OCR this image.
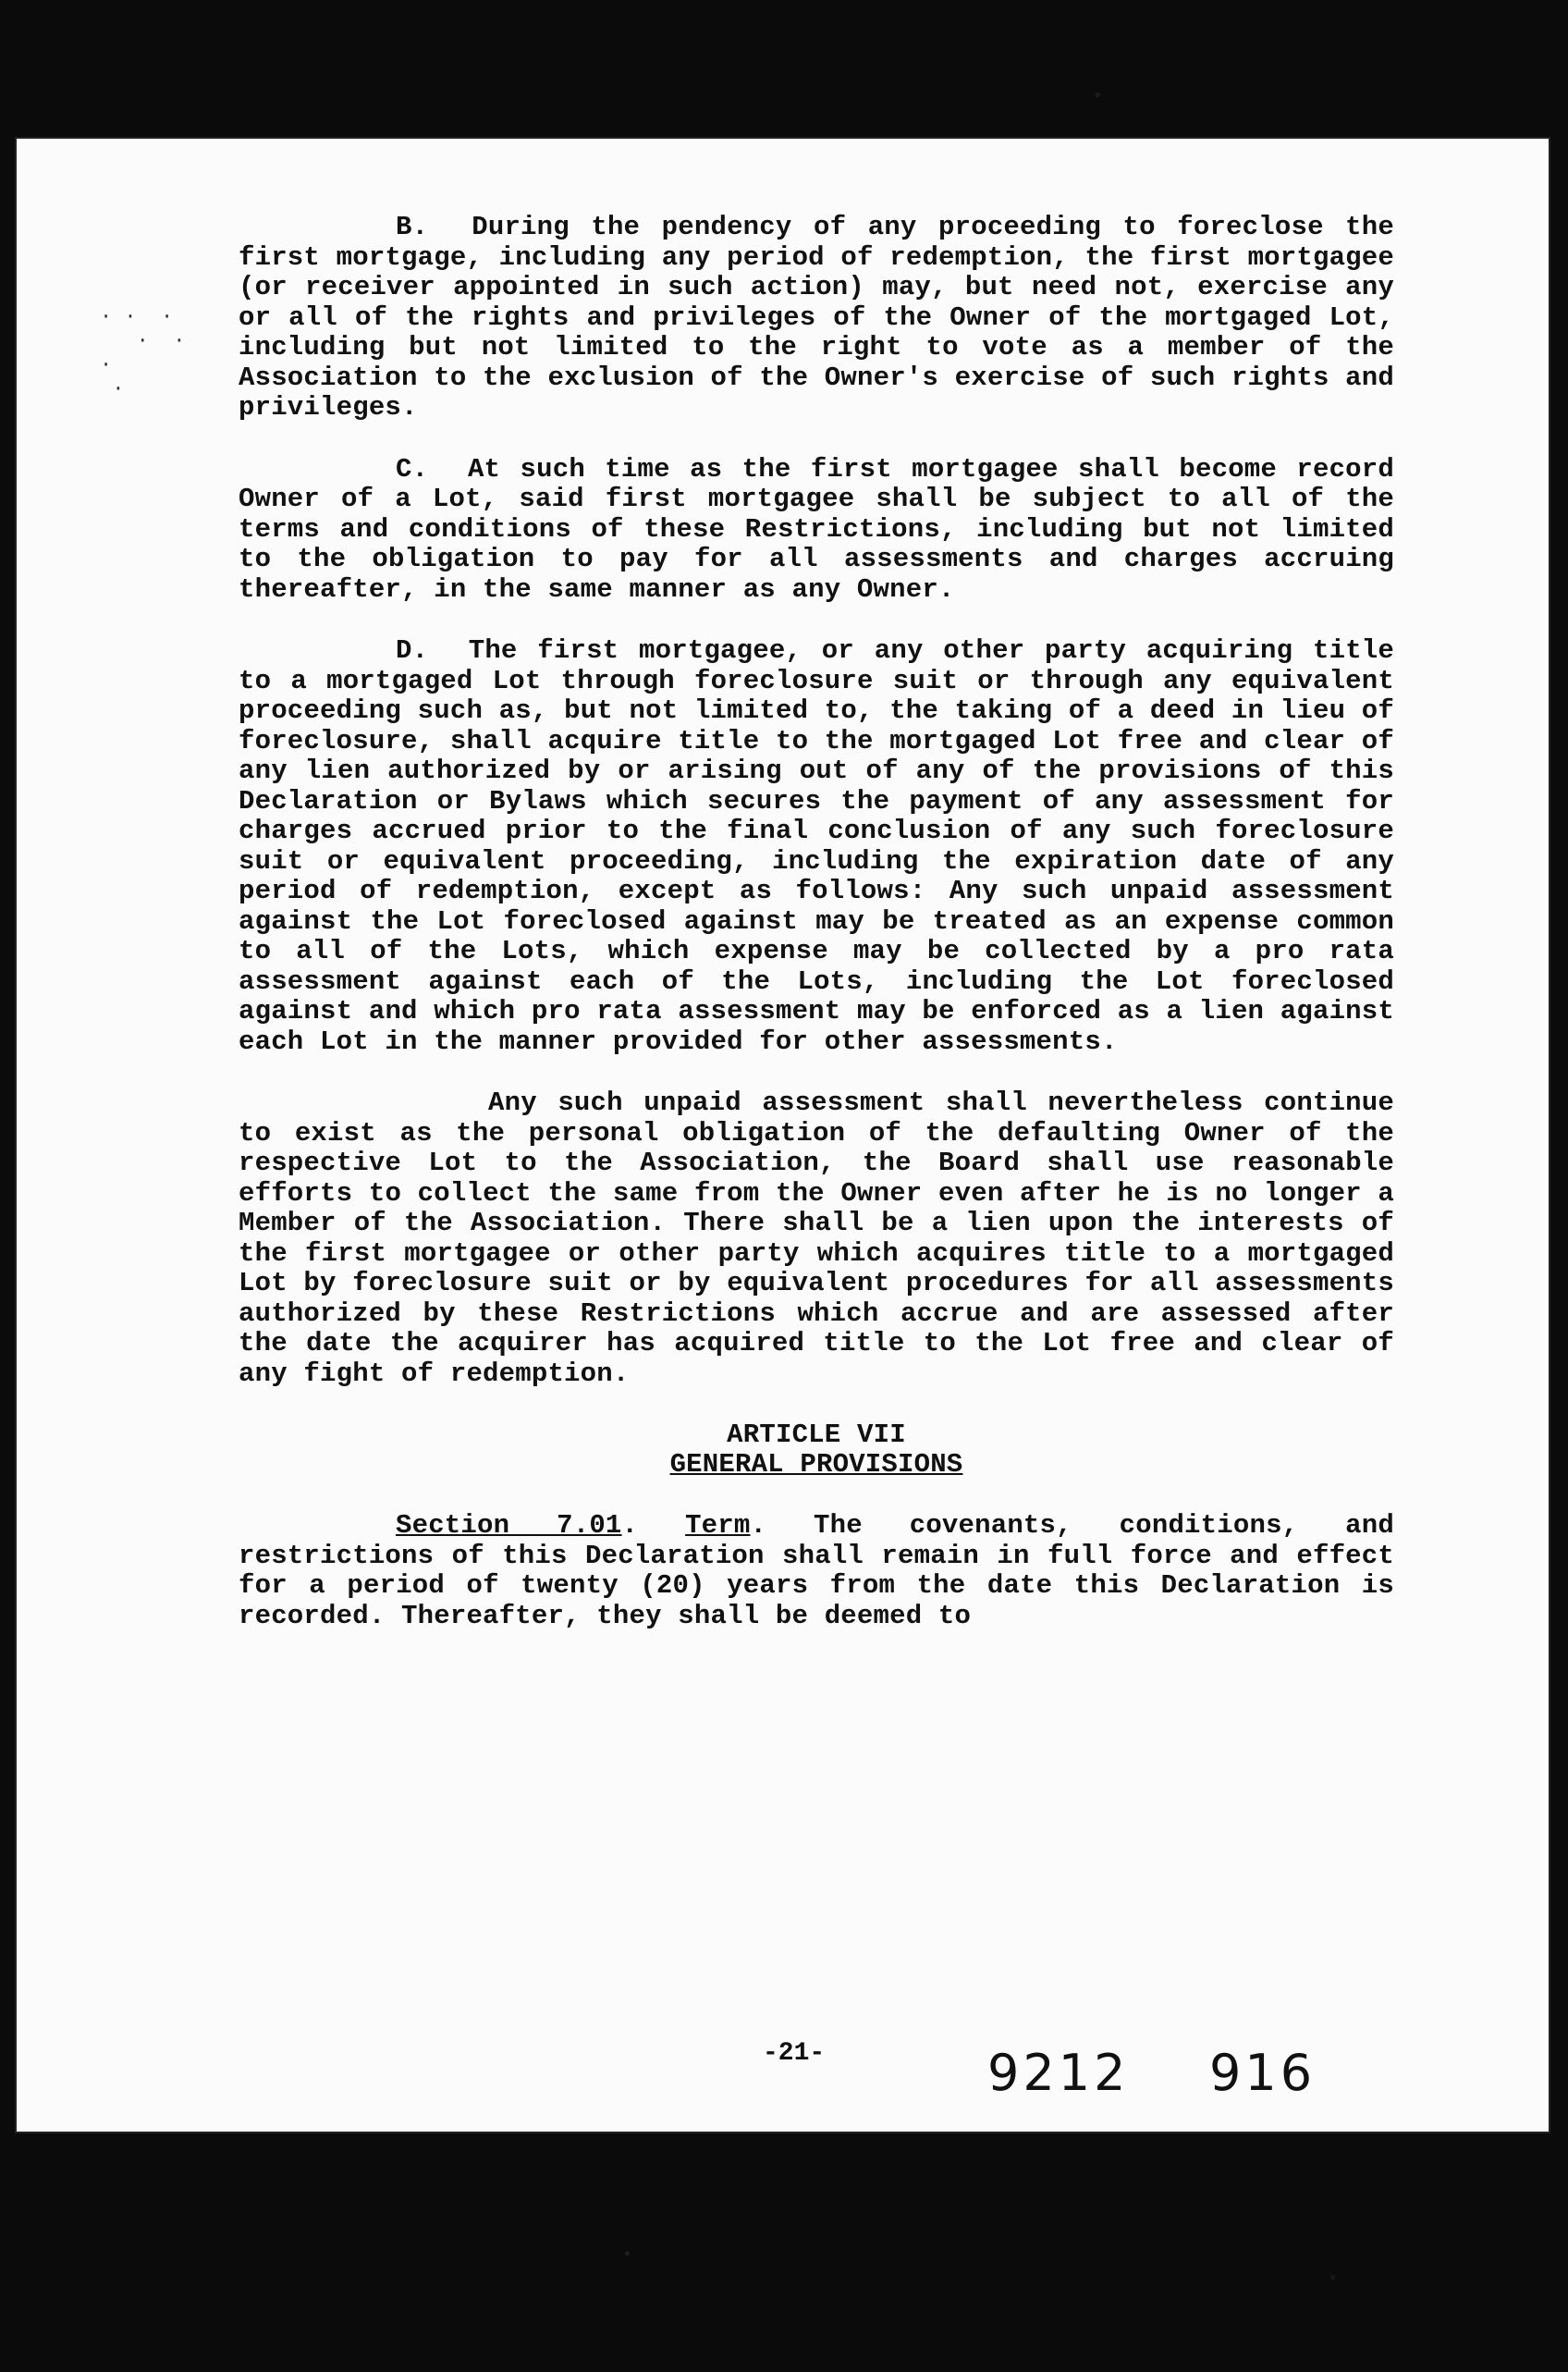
· ·  ·
·  ·
·
·

B. During the pendency of any proceeding to foreclose the first mortgage, including any period of redemption, the first mortgagee (or receiver appointed in such action) may, but need not, exercise any or all of the rights and privileges of the Owner of the mortgaged Lot, including but not limited to the right to vote as a member of the Association to the exclusion of the Owner's exercise of such rights and privileges.

C. At such time as the first mortgagee shall become record Owner of a Lot, said first mortgagee shall be subject to all of the terms and conditions of these Restrictions, including but not limited to the obligation to pay for all assessments and charges accruing thereafter, in the same manner as any Owner.

D. The first mortgagee, or any other party acquiring title to a mortgaged Lot through foreclosure suit or through any equivalent proceeding such as, but not limited to, the taking of a deed in lieu of foreclosure, shall acquire title to the mortgaged Lot free and clear of any lien authorized by or arising out of any of the provisions of this Declaration or Bylaws which secures the payment of any assessment for charges accrued prior to the final conclusion of any such foreclosure suit or equivalent proceeding, including the expiration date of any period of redemption, except as follows: Any such unpaid assessment against the Lot foreclosed against may be treated as an expense common to all of the Lots, which expense may be collected by a pro rata assessment against each of the Lots, including the Lot foreclosed against and which pro rata assessment may be enforced as a lien against each Lot in the manner provided for other assessments.

Any such unpaid assessment shall nevertheless continue to exist as the personal obligation of the defaulting Owner of the respective Lot to the Association, the Board shall use reasonable efforts to collect the same from the Owner even after he is no longer a Member of the Association. There shall be a lien upon the interests of the first mortgagee or other party which acquires title to a mortgaged Lot by foreclosure suit or by equivalent procedures for all assessments authorized by these Restrictions which accrue and are assessed after the date the acquirer has acquired title to the Lot free and clear of any fight of redemption.

ARTICLE VII
GENERAL PROVISIONS

Section 7.01. Term. The covenants, conditions, and restrictions of this Declaration shall remain in full force and effect for a period of twenty (20) years from the date this Declaration is recorded. Thereafter, they shall be deemed to

-21-	9212 916
